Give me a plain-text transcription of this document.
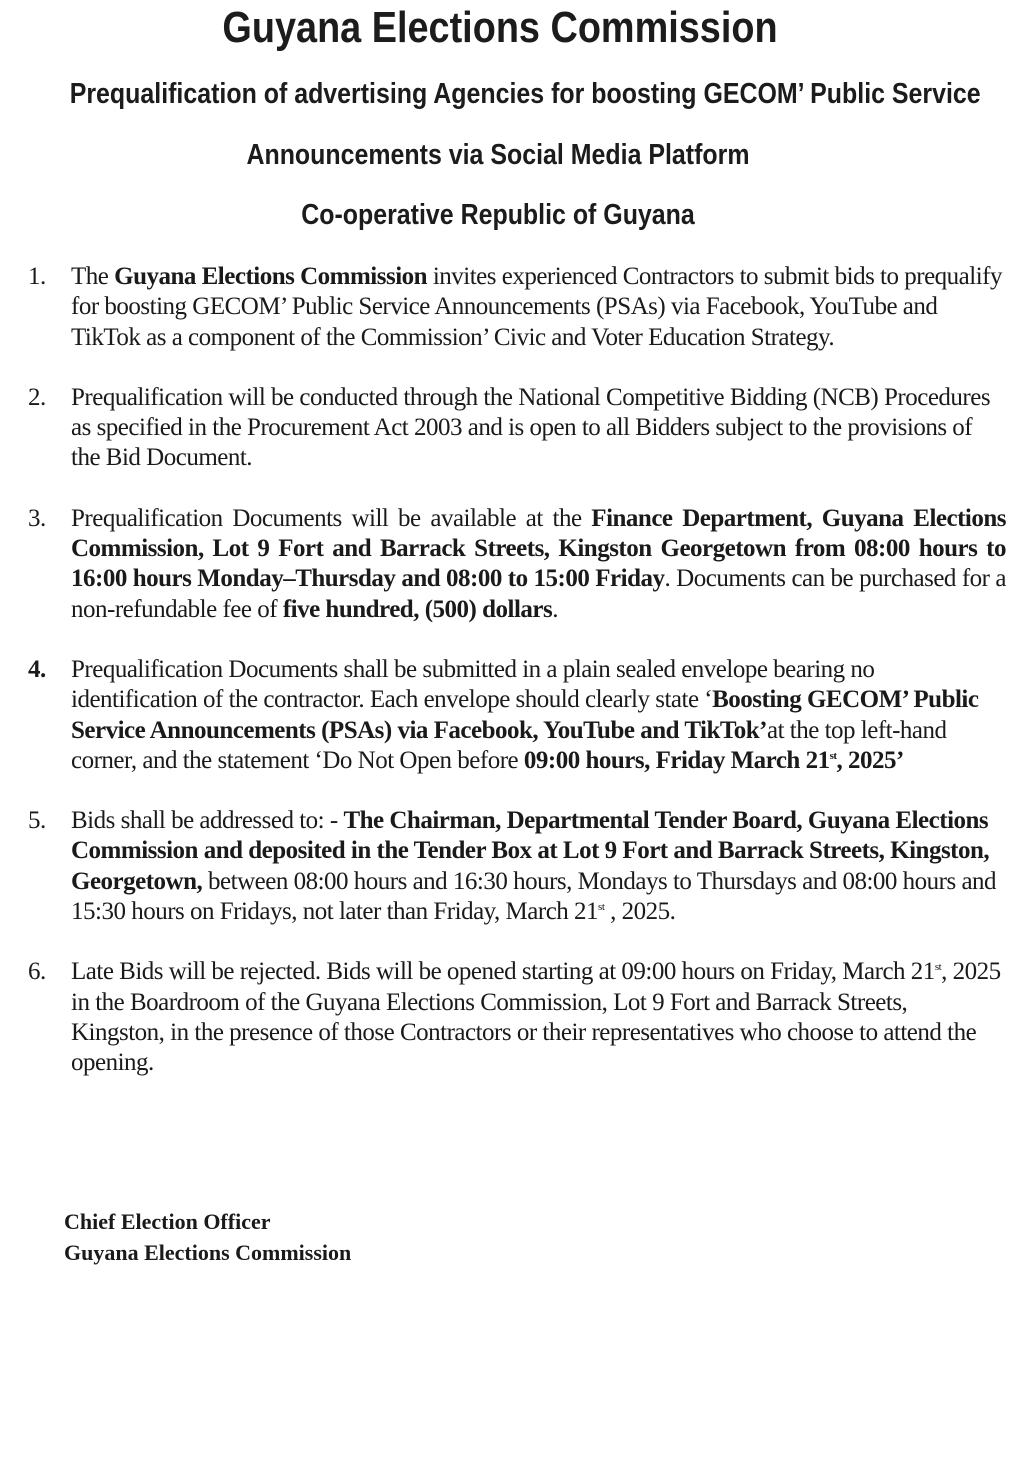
Guyana Elections Commission
Prequalification of advertising Agencies for boosting GECOM’ Public Service
Announcements via Social Media Platform
Co-operative Republic of Guyana
1.	The Guyana Elections Commission invites experienced Contractors to submit bids to prequalify for boosting GECOM’ Public Service Announcements (PSAs) via Facebook, YouTube and TikTok as a component of the Commission’ Civic and Voter Education Strategy.
2.	Prequalification will be conducted through the National Competitive Bidding (NCB) Procedures as specified in the Procurement Act 2003 and is open to all Bidders subject to the provisions of the Bid Document.
3.	Prequalification Documents will be available at the Finance Department, Guyana Elections Commission, Lot 9 Fort and Barrack Streets, Kingston Georgetown from 08:00 hours to 16:00 hours Monday–Thursday and 08:00 to 15:00 Friday. Documents can be purchased for a non-refundable fee of five hundred, (500) dollars.
4.	Prequalification Documents shall be submitted in a plain sealed envelope bearing no identification of the contractor. Each envelope should clearly state ‘Boosting GECOM’ Public Service Announcements (PSAs) via Facebook, YouTube and TikTok’at the top left-hand corner, and the statement ‘Do Not Open before 09:00 hours, Friday March 21st, 2025’
5.	Bids shall be addressed to: - The Chairman, Departmental Tender Board, Guyana Elections Commission and deposited in the Tender Box at Lot 9 Fort and Barrack Streets, Kingston, Georgetown, between 08:00 hours and 16:30 hours, Mondays to Thursdays and 08:00 hours and 15:30 hours on Fridays, not later than Friday, March 21st , 2025.
6.	Late Bids will be rejected. Bids will be opened starting at 09:00 hours on Friday, March 21st, 2025 in the Boardroom of the Guyana Elections Commission, Lot 9 Fort and Barrack Streets, Kingston, in the presence of those Contractors or their representatives who choose to attend the opening.
Chief Election Officer
Guyana Elections Commission
